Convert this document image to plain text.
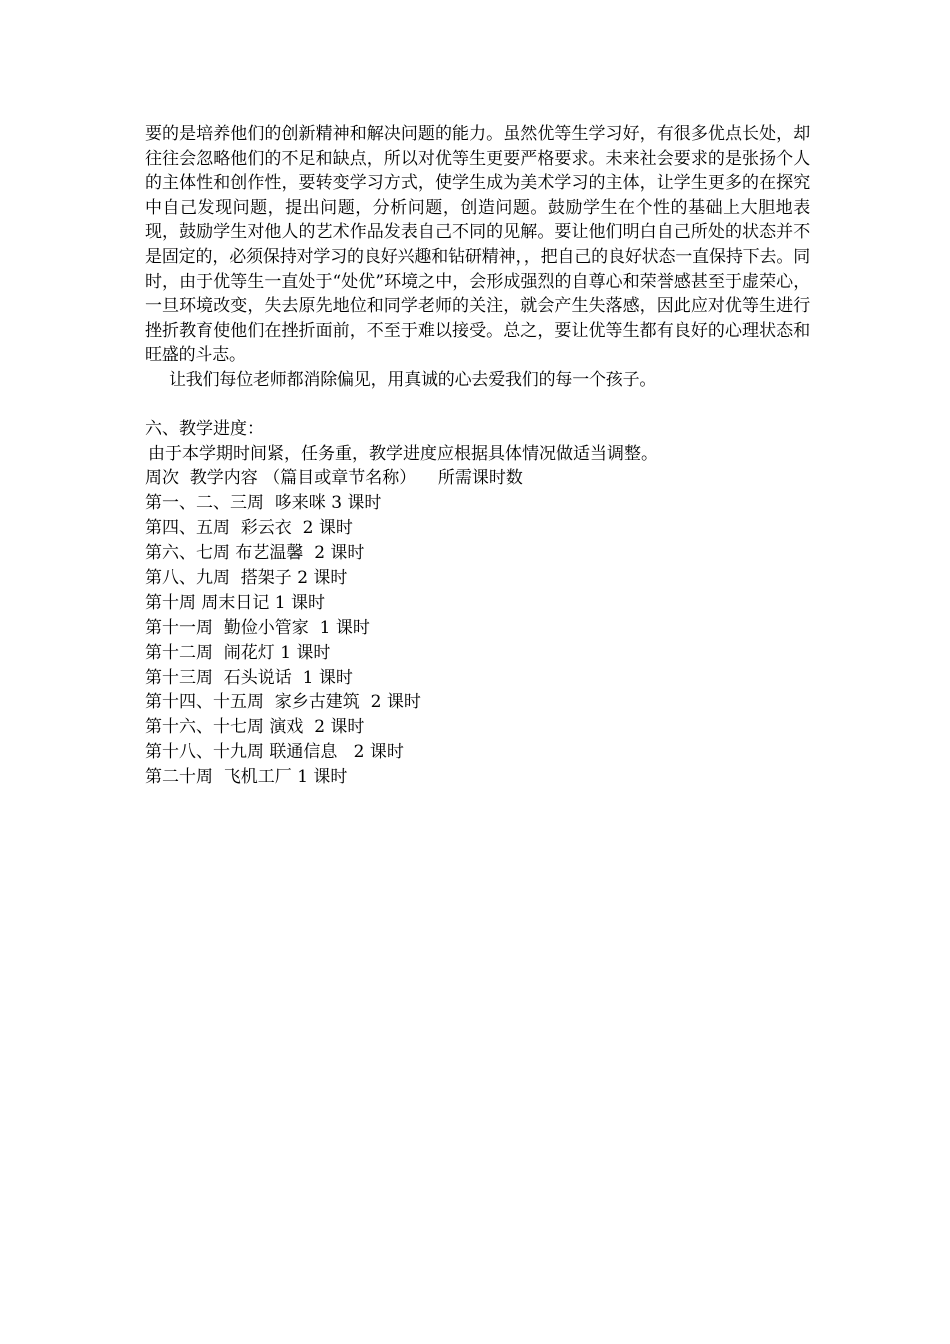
要的是培养他们的创新精神和解决问题的能力。虽然优等生学习好，有很多优点长处，却往往会忽略他们的不足和缺点，所以对优等生更要严格要求。未来社会要求的是张扬个人的主体性和创作性，要转变学习方式，使学生成为美术学习的主体，让学生更多的在探究中自己发现问题，提出问题，分析问题，创造问题。鼓励学生在个性的基础上大胆地表现，鼓励学生对他人的艺术作品发表自己不同的见解。要让他们明白自己所处的状态并不是固定的，必须保持对学习的良好兴趣和钻研精神，，把自己的良好状态一直保持下去。同时，由于优等生一直处于“处优”环境之中，会形成强烈的自尊心和荣誉感甚至于虚荣心，一旦环境改变，失去原先地位和同学老师的关注，就会产生失落感，因此应对优等生进行挫折教育使他们在挫折面前，不至于难以接受。总之，要让优等生都有良好的心理状态和旺盛的斗志。

让我们每位老师都消除偏见，用真诚的心去爱我们的每一个孩子。

六、教学进度：

由于本学期时间紧，任务重，教学进度应根据具体情况做适当调整。

周次  教学内容 （篇目或章节名称）    所需课时数
第一、二、三周  哆来咪 3 课时
第四、五周  彩云衣  2 课时
第六、七周 布艺温馨  2 课时
第八、九周  搭架子 2 课时
第十周 周末日记 1 课时
第十一周  勤俭小管家  1 课时
第十二周  闹花灯 1 课时
第十三周  石头说话  1 课时
第十四、十五周  家乡古建筑  2 课时
第十六、十七周 演戏  2 课时
第十八、十九周 联通信息   2 课时
第二十周  飞机工厂 1 课时
